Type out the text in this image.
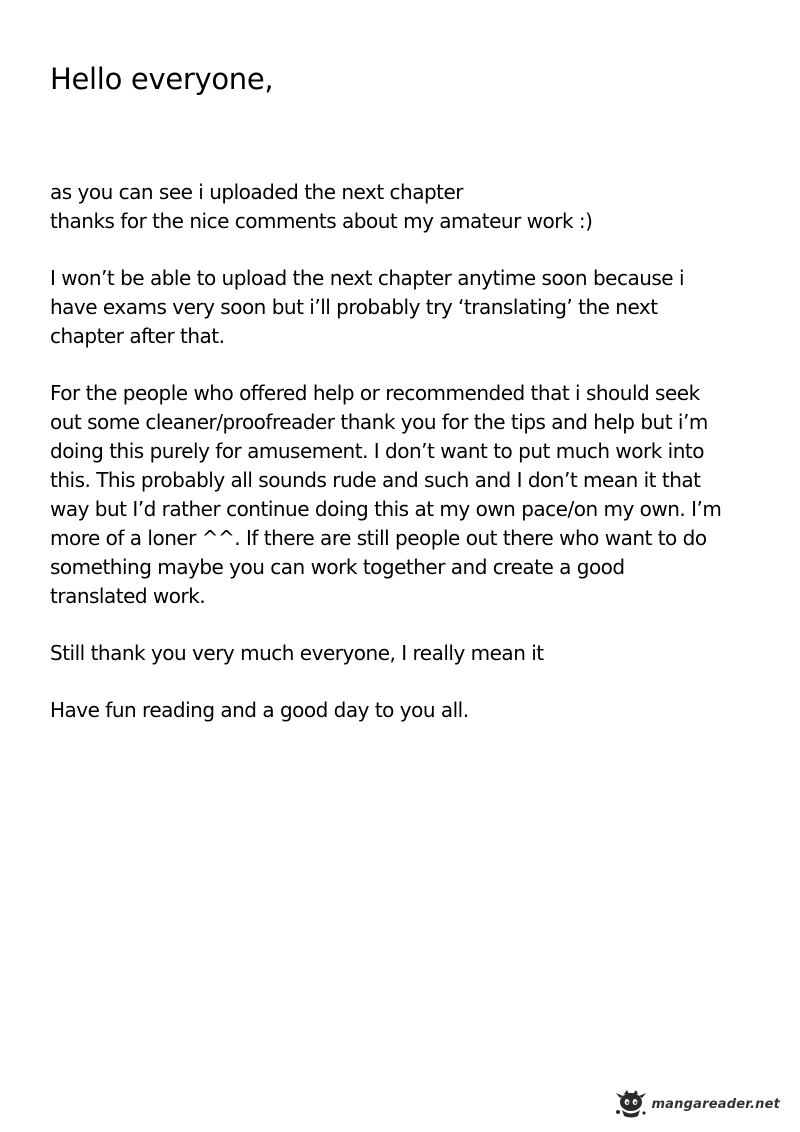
Hello everyone,

as you can see i uploaded the next chapter
thanks for the nice comments about my amateur work :)

I won’t be able to upload the next chapter anytime soon because i
have exams very soon but i’ll probably try ‘translating’ the next
chapter after that.

For the people who offered help or recommended that i should seek
out some cleaner/proofreader thank you for the tips and help but i’m
doing this purely for amusement. I don’t want to put much work into
this. This probably all sounds rude and such and I don’t mean it that
way but I’d rather continue doing this at my own pace/on my own. I’m
more of a loner ^^. If there are still people out there who want to do
something maybe you can work together and create a good
translated work.

Still thank you very much everyone, I really mean it

Have fun reading and a good day to you all.

mangareader.net
